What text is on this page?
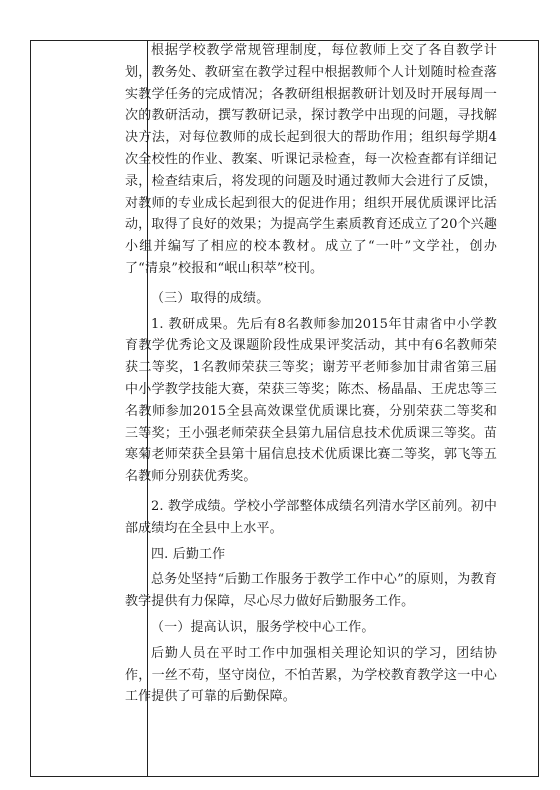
根据学校教学常规管理制度，每位教师上交了各自教学计划，教务处、教研室在教学过程中根据教师个人计划随时检查落实教学任务的完成情况；各教研组根据教研计划及时开展每周一次的教研活动，撰写教研记录，探讨教学中出现的问题，寻找解决方法，对每位教师的成长起到很大的帮助作用；组织每学期4次全校性的作业、教案、听课记录检查，每一次检查都有详细记录，检查结束后，将发现的问题及时通过教师大会进行了反馈，对教师的专业成长起到很大的促进作用；组织开展优质课评比活动，取得了良好的效果；为提高学生素质教育还成立了20个兴趣小组并编写了相应的校本教材。成立了“一叶”文学社，创办了“清泉”校报和“岷山积萃”校刊。

（三）取得的成绩。

1. 教研成果。先后有8名教师参加2015年甘肃省中小学教育教学优秀论文及课题阶段性成果评奖活动，其中有6名教师荣获二等奖，1名教师荣获三等奖；谢芳平老师参加甘肃省第三届中小学教学技能大赛，荣获三等奖；陈杰、杨晶晶、王虎忠等三名教师参加2015全县高效课堂优质课比赛，分别荣获二等奖和三等奖；王小强老师荣获全县第九届信息技术优质课三等奖。苗寒菊老师荣获全县第十届信息技术优质课比赛二等奖，郭飞等五名教师分别获优秀奖。

2. 教学成绩。学校小学部整体成绩名列清水学区前列。初中部成绩均在全县中上水平。

四. 后勤工作

总务处坚持“后勤工作服务于教学工作中心”的原则，为教育教学提供有力保障，尽心尽力做好后勤服务工作。

（一）提高认识，服务学校中心工作。

后勤人员在平时工作中加强相关理论知识的学习，团结协作，一丝不苟，坚守岗位，不怕苦累，为学校教育教学这一中心工作提供了可靠的后勤保障。
